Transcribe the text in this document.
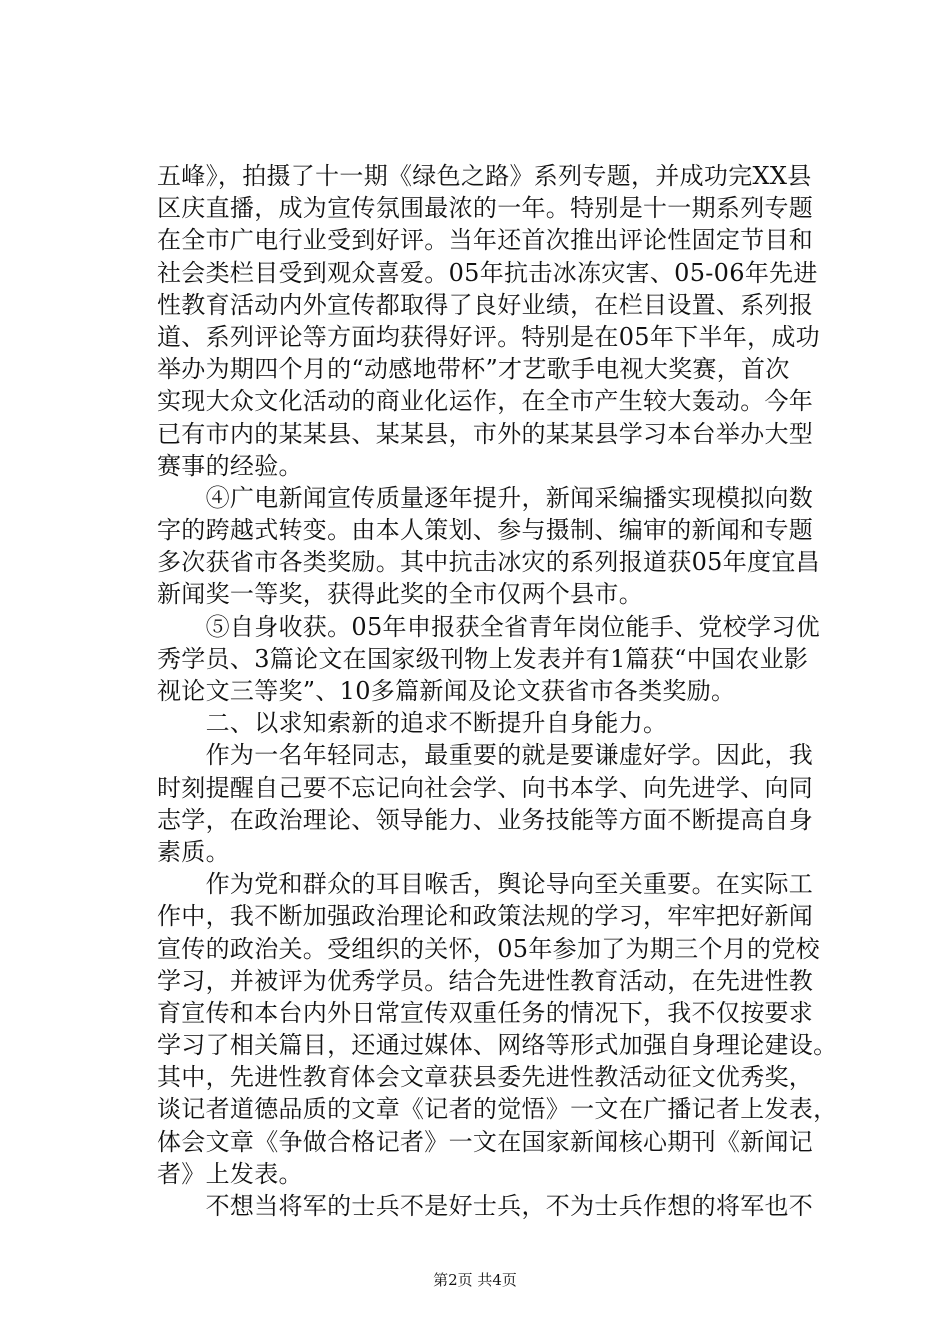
五峰》，拍摄了十一期《绿色之路》系列专题，并成功完XX县
区庆直播，成为宣传氛围最浓的一年。特别是十一期系列专题
在全市广电行业受到好评。当年还首次推出评论性固定节目和
社会类栏目受到观众喜爱。05年抗击冰冻灾害、05-06年先进
性教育活动内外宣传都取得了良好业绩，在栏目设置、系列报
道、系列评论等方面均获得好评。特别是在05年下半年，成功
举办为期四个月的“动感地带杯”才艺歌手电视大奖赛，首次
实现大众文化活动的商业化运作，在全市产生较大轰动。今年
已有市内的某某县、某某县，市外的某某县学习本台举办大型
赛事的经验。
　　④广电新闻宣传质量逐年提升，新闻采编播实现模拟向数
字的跨越式转变。由本人策划、参与摄制、编审的新闻和专题
多次获省市各类奖励。其中抗击冰灾的系列报道获05年度宜昌
新闻奖一等奖，获得此奖的全市仅两个县市。
　　⑤自身收获。05年申报获全省青年岗位能手、党校学习优
秀学员、3篇论文在国家级刊物上发表并有1篇获“中国农业影
视论文三等奖”、10多篇新闻及论文获省市各类奖励。
　　二、以求知索新的追求不断提升自身能力。
　　作为一名年轻同志，最重要的就是要谦虚好学。因此，我
时刻提醒自己要不忘记向社会学、向书本学、向先进学、向同
志学，在政治理论、领导能力、业务技能等方面不断提高自身
素质。
　　作为党和群众的耳目喉舌，舆论导向至关重要。在实际工
作中，我不断加强政治理论和政策法规的学习，牢牢把好新闻
宣传的政治关。受组织的关怀，05年参加了为期三个月的党校
学习，并被评为优秀学员。结合先进性教育活动，在先进性教
育宣传和本台内外日常宣传双重任务的情况下，我不仅按要求
学习了相关篇目，还通过媒体、网络等形式加强自身理论建设。
其中，先进性教育体会文章获县委先进性教活动征文优秀奖，
谈记者道德品质的文章《记者的觉悟》一文在广播记者上发表，
体会文章《争做合格记者》一文在国家新闻核心期刊《新闻记
者》上发表。
　　不想当将军的士兵不是好士兵，不为士兵作想的将军也不
第2页 共4页
